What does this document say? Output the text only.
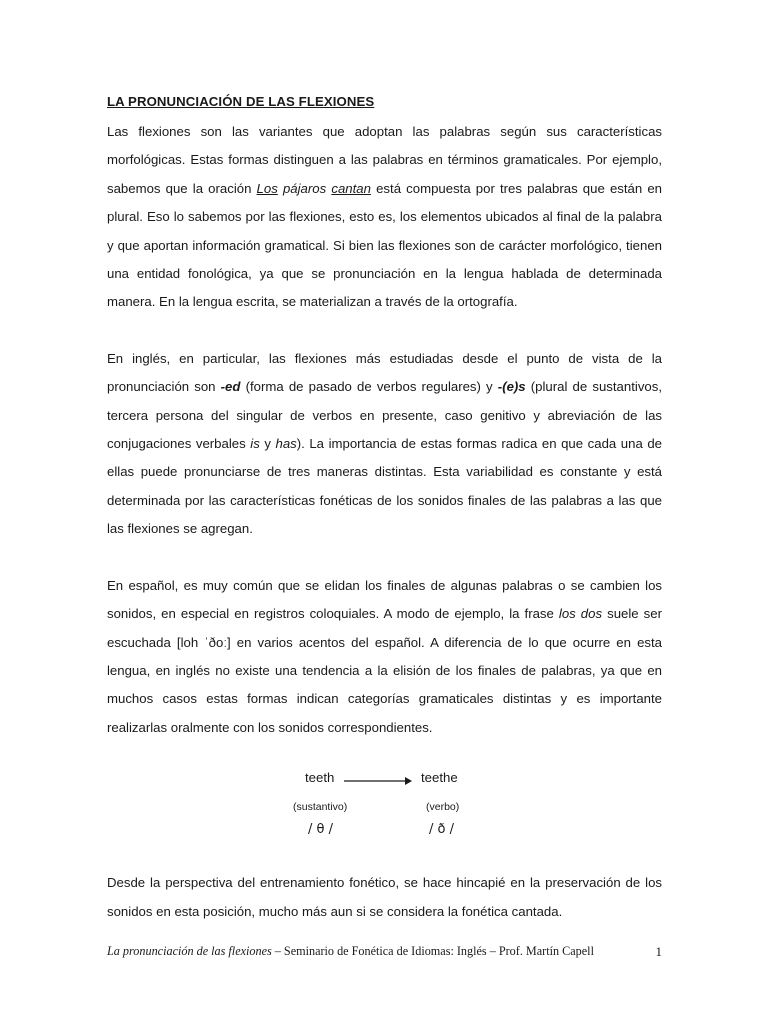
LA PRONUNCIACIÓN DE LAS FLEXIONES

Las flexiones son las variantes que adoptan las palabras según sus características morfológicas. Estas formas distinguen a las palabras en términos gramaticales. Por ejemplo, sabemos que la oración Los pájaros cantan está compuesta por tres palabras que están en plural. Eso lo sabemos por las flexiones, esto es, los elementos ubicados al final de la palabra y que aportan información gramatical. Si bien las flexiones son de carácter morfológico, tienen una entidad fonológica, ya que se pronunciación en la lengua hablada de determinada manera. En la lengua escrita, se materializan a través de la ortografía.

En inglés, en particular, las flexiones más estudiadas desde el punto de vista de la pronunciación son -ed (forma de pasado de verbos regulares) y -(e)s (plural de sustantivos, tercera persona del singular de verbos en presente, caso genitivo y abreviación de las conjugaciones verbales is y has). La importancia de estas formas radica en que cada una de ellas puede pronunciarse de tres maneras distintas. Esta variabilidad es constante y está determinada por las características fonéticas de los sonidos finales de las palabras a las que las flexiones se agregan.

En español, es muy común que se elidan los finales de algunas palabras o se cambien los sonidos, en especial en registros coloquiales. A modo de ejemplo, la frase los dos suele ser escuchada [loh ˈðoː] en varios acentos del español. A diferencia de lo que ocurre en esta lengua, en inglés no existe una tendencia a la elisión de los finales de palabras, ya que en muchos casos estas formas indican categorías gramaticales distintas y es importante realizarlas oralmente con los sonidos correspondientes.

teeth	teethe
(sustantivo)	(verbo)
/ θ /	/ ð /

Desde la perspectiva del entrenamiento fonético, se hace hincapié en la preservación de los sonidos en esta posición, mucho más aun si se considera la fonética cantada.

La pronunciación de las flexiones – Seminario de Fonética de Idiomas: Inglés – Prof. Martín Capell	1
